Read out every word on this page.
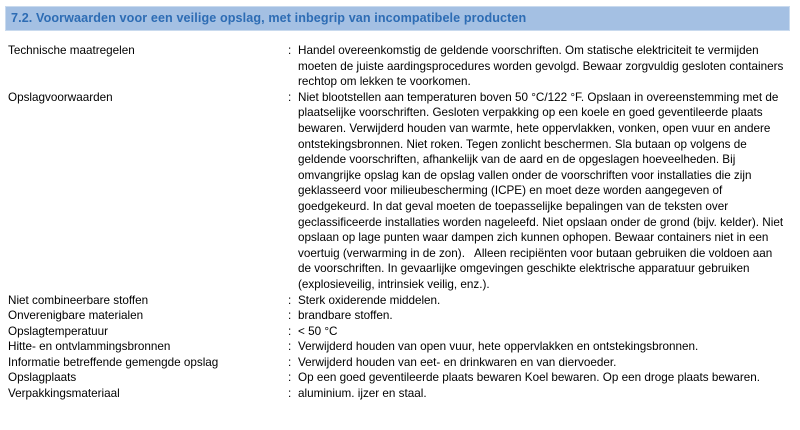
7.2. Voorwaarden voor een veilige opslag, met inbegrip van incompatibele producten
Technische maatregelen	: Handel overeenkomstig de geldende voorschriften. Om statische elektriciteit te vermijden moeten de juiste aardingsprocedures worden gevolgd. Bewaar zorgvuldig gesloten containers rechtop om lekken te voorkomen.
Opslagvoorwaarden	: Niet blootstellen aan temperaturen boven 50 °C/122 °F. Opslaan in overeenstemming met de plaatselijke voorschriften. Gesloten verpakking op een koele en goed geventileerde plaats bewaren. Verwijderd houden van warmte, hete oppervlakken, vonken, open vuur en andere ontstekingsbronnen. Niet roken. Tegen zonlicht beschermen. Sla butaan op volgens de geldende voorschriften, afhankelijk van de aard en de opgeslagen hoeveelheden. Bij omvangrijke opslag kan de opslag vallen onder de voorschriften voor installaties die zijn geklasseerd voor milieubescherming (ICPE) en moet deze worden aangegeven of goedgekeurd. In dat geval moeten de toepasselijke bepalingen van de teksten over geclassificeerde installaties worden nageleefd. Niet opslaan onder de grond (bijv. kelder). Niet opslaan op lage punten waar dampen zich kunnen ophopen. Bewaar containers niet in een voertuig (verwarming in de zon).   Alleen recipiënten voor butaan gebruiken die voldoen aan de voorschriften. In gevaarlijke omgevingen geschikte elektrische apparatuur gebruiken (explosieveilig, intrinsiek veilig, enz.).
Niet combineerbare stoffen	: Sterk oxiderende middelen.
Onverenigbare materialen	: brandbare stoffen.
Opslagtemperatuur	: < 50 °C
Hitte- en ontvlammingsbronnen	: Verwijderd houden van open vuur, hete oppervlakken en ontstekingsbronnen.
Informatie betreffende gemengde opslag	: Verwijderd houden van eet- en drinkwaren en van diervoeder.
Opslagplaats	: Op een goed geventileerde plaats bewaren Koel bewaren. Op een droge plaats bewaren.
Verpakkingsmateriaal	: aluminium. ijzer en staal.
